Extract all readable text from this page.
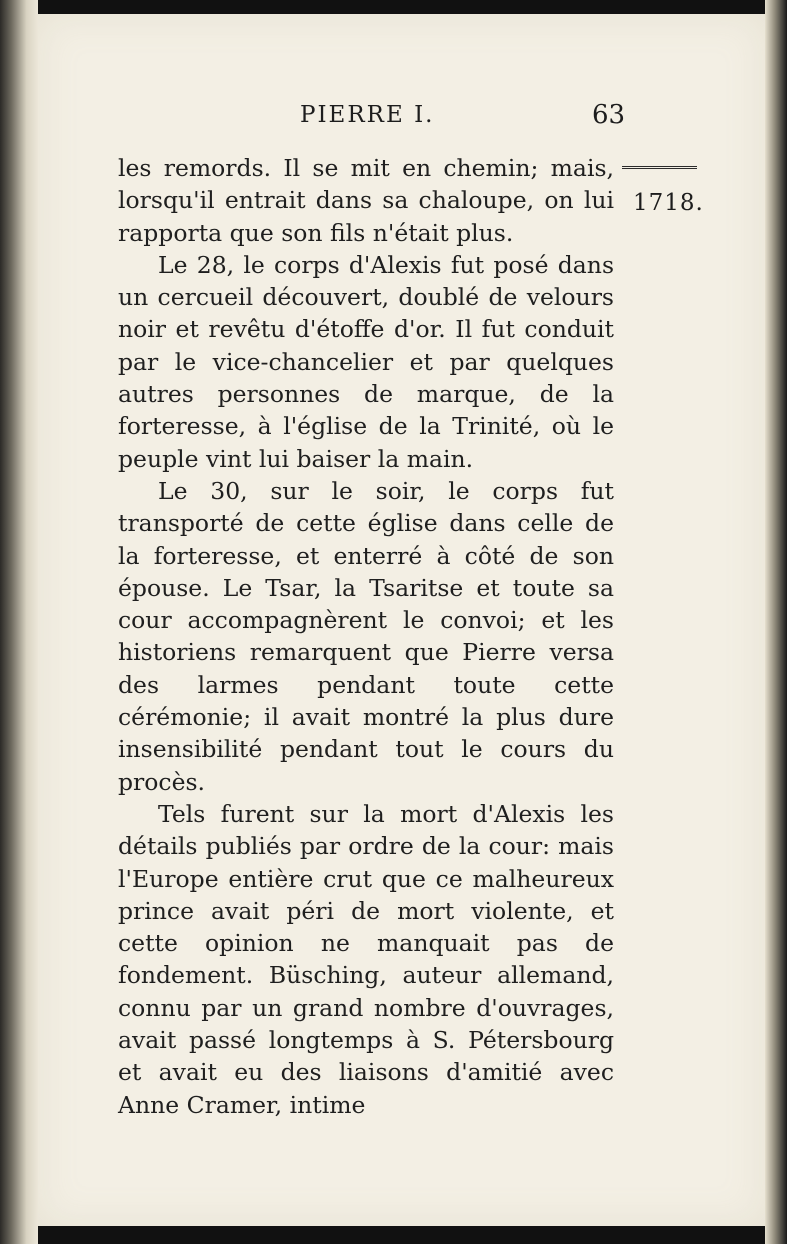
PIERRE I.	63
1718.

les remords. Il se mit en chemin; mais, lorsqu'il entrait dans sa chaloupe, on lui rapporta que son fils n'était plus.

Le 28, le corps d'Alexis fut posé dans un cercueil découvert, doublé de velours noir et revêtu d'étoffe d'or. Il fut conduit par le vice-chancelier et par quelques autres personnes de marque, de la forteresse, à l'église de la Trinité, où le peuple vint lui baiser la main.

Le 30, sur le soir, le corps fut transporté de cette église dans celle de la forteresse, et enterré à côté de son épouse. Le Tsar, la Tsaritse et toute sa cour accompagnèrent le convoi; et les historiens remarquent que Pierre versa des larmes pendant toute cette cérémonie; il avait montré la plus dure insensibilité pendant tout le cours du procès.

Tels furent sur la mort d'Alexis les détails publiés par ordre de la cour: mais l'Europe entière crut que ce malheureux prince avait péri de mort violente, et cette opinion ne manquait pas de fondement. Büsching, auteur allemand, connu par un grand nombre d'ouvrages, avait passé longtemps à S. Pétersbourg et avait eu des liaisons d'amitié avec Anne Cramer, intime
